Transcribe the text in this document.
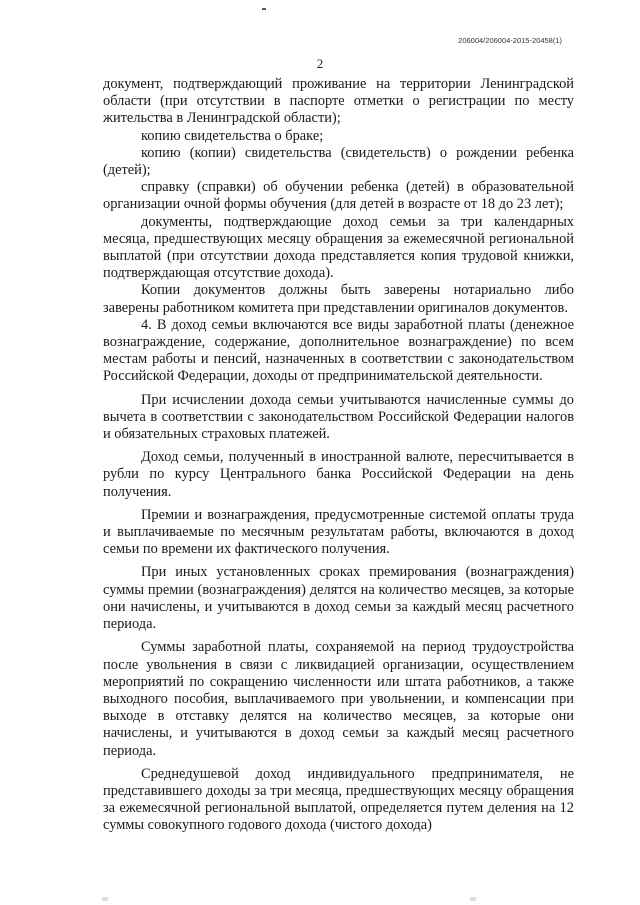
206004/206004-2015-20458(1)
2

документ, подтверждающий проживание на территории Ленинградской области (при отсутствии в паспорте отметки о регистрации по месту жительства в Ленинградской области);

копию свидетельства о браке;

копию (копии) свидетельства (свидетельств) о рождении ребенка (детей);

справку (справки) об обучении ребенка (детей) в образовательной организации очной формы обучения (для детей в возрасте от 18 до 23 лет);

документы, подтверждающие доход семьи за три календарных месяца, предшествующих месяцу обращения за ежемесячной региональной выплатой (при отсутствии дохода представляется копия трудовой книжки, подтверждающая отсутствие дохода).

Копии документов должны быть заверены нотариально либо заверены работником комитета при представлении оригиналов документов.

4. В доход семьи включаются все виды заработной платы (денежное вознаграждение, содержание, дополнительное вознаграждение) по всем местам работы и пенсий, назначенных в соответствии с законодательством Российской Федерации, доходы от предпринимательской деятельности.

При исчислении дохода семьи учитываются начисленные суммы до вычета в соответствии с законодательством Российской Федерации налогов и обязательных страховых платежей.

Доход семьи, полученный в иностранной валюте, пересчитывается в рубли по курсу Центрального банка Российской Федерации на день получения.

Премии и вознаграждения, предусмотренные системой оплаты труда и выплачиваемые по месячным результатам работы, включаются в доход семьи по времени их фактического получения.

При иных установленных сроках премирования (вознаграждения) суммы премии (вознаграждения) делятся на количество месяцев, за которые они начислены, и учитываются в доход семьи за каждый месяц расчетного периода.

Суммы заработной платы, сохраняемой на период трудоустройства после увольнения в связи с ликвидацией организации, осуществлением мероприятий по сокращению численности или штата работников, а также выходного пособия, выплачиваемого при увольнении, и компенсации при выходе в отставку делятся на количество месяцев, за которые они начислены, и учитываются в доход семьи за каждый месяц расчетного периода.

Среднедушевой доход индивидуального предпринимателя, не представившего доходы за три месяца, предшествующих месяцу обращения за ежемесячной региональной выплатой, определяется путем деления на 12 суммы совокупного годового дохода (чистого дохода)
